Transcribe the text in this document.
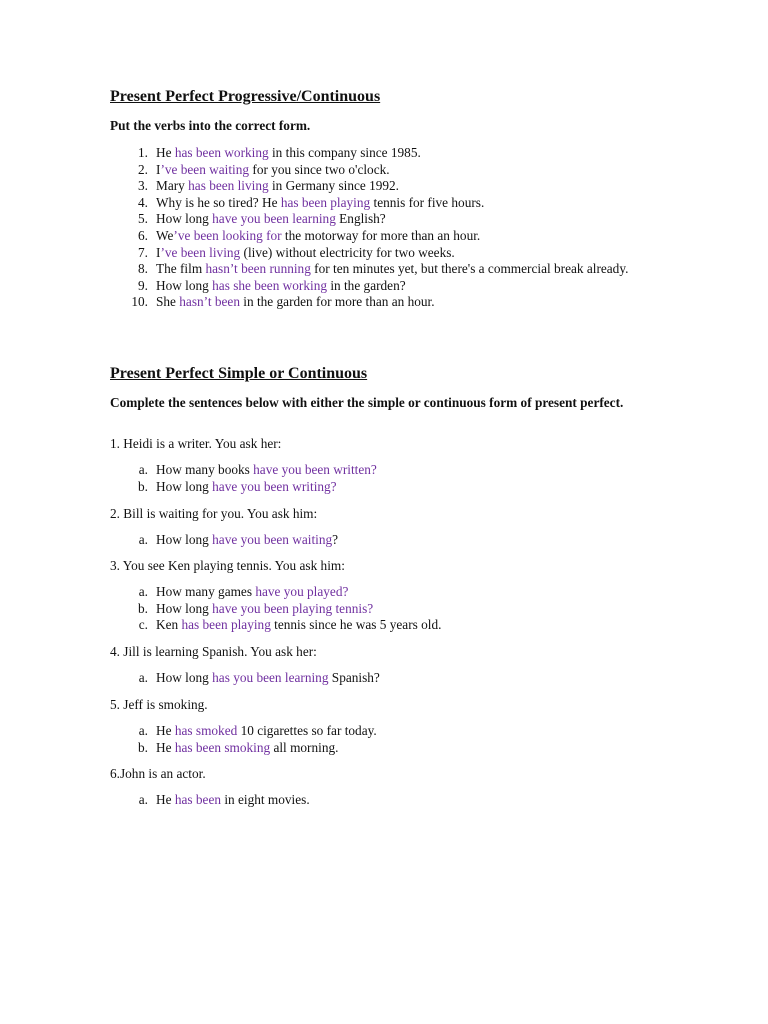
Present Perfect Progressive/Continuous

Put the verbs into the correct form.

1. He has been working in this company since 1985.
2. I’ve been waiting for you since two o'clock.
3. Mary has been living in Germany since 1992.
4. Why is he so tired? He has been playing tennis for five hours.
5. How long have you been learning English?
6. We’ve been looking for the motorway for more than an hour.
7. I’ve been living (live) without electricity for two weeks.
8. The film hasn’t been running for ten minutes yet, but there's a commercial break already.
9. How long has she been working in the garden?
10. She hasn’t been in the garden for more than an hour.
Present Perfect Simple or Continuous

Complete the sentences below with either the simple or continuous form of present perfect.

1. Heidi is a writer. You ask her:

a. How many books have you been written?
b. How long have you been writing?

2. Bill is waiting for you. You ask him:

a. How long have you been waiting?

3. You see Ken playing tennis. You ask him:

a. How many games have you played?
b. How long have you been playing tennis?
c. Ken has been playing tennis since he was 5 years old.

4. Jill is learning Spanish. You ask her:

a. How long has you been learning Spanish?

5. Jeff is smoking.

a. He has smoked 10 cigarettes so far today.
b. He has been smoking all morning.

6.John is an actor.

a. He has been in eight movies.
